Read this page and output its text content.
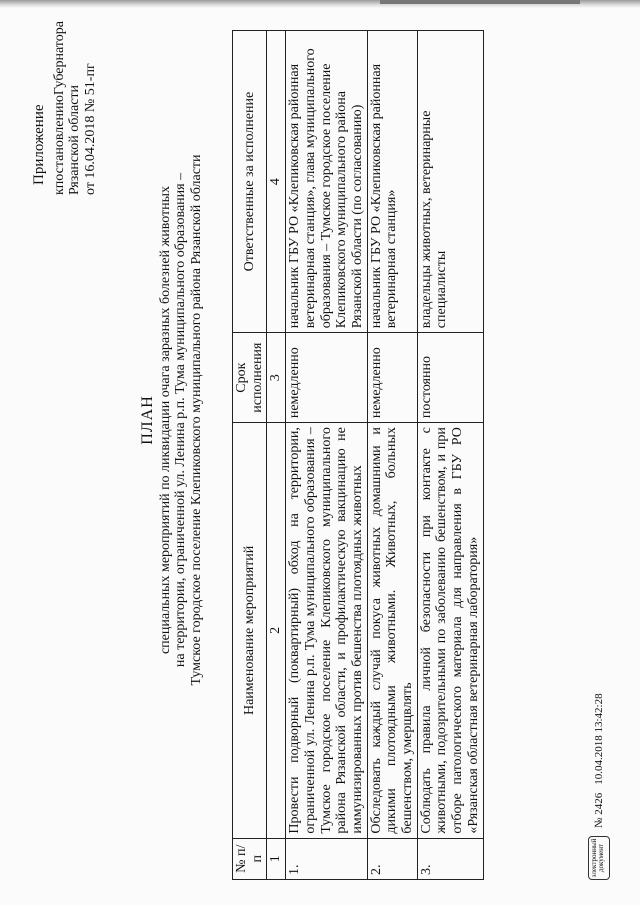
Приложение
к
постановлению
Губернатора
Рязанской области от 16.04.2018 № 51-пг
ПЛАН специальных мероприятий по ликвидации очага заразных болезней животных на территории, ограниченной ул. Ленина р.п. Тума муниципального образования – Тумское городское поселение Клепиковского муниципального района Рязанской области
№ п/п	Наименование мероприятий	Срок исполнения	Ответственные за исполнение
1	2	3	4
1.	Провести подворный (поквартирный) обход на территории, ограниченной ул. Ленина р.п. Тума муниципального образования – Тумское городское поселение Клепиковского муниципального района Рязанской области, и профилактическую вакцинацию не иммунизированных против бешенства плотоядных животных	немедленно	начальник ГБУ РО «Клепиковская районная ветеринарная станция», глава муниципального образования – Тумское городское поселение Клепиковского муниципального района Рязанской области (по согласованию)
2.	Обследовать каждый случай покуса животных домашними и дикими плотоядными животными. Животных, больных бешенством, умерщвлять	немедленно	начальник ГБУ РО «Клепиковская районная ветеринарная станция»
3.	Соблюдать правила личной безопасности при контакте с животными, подозрительными по заболеванию бешенством, и при отборе патологического материала для направления в ГБУ РО «Рязанская областная ветеринарная лаборатория»	постоянно	владельцы животных, ветеринарные специалисты
электронный документ
№ 2426
10.04.2018 13:42:28
